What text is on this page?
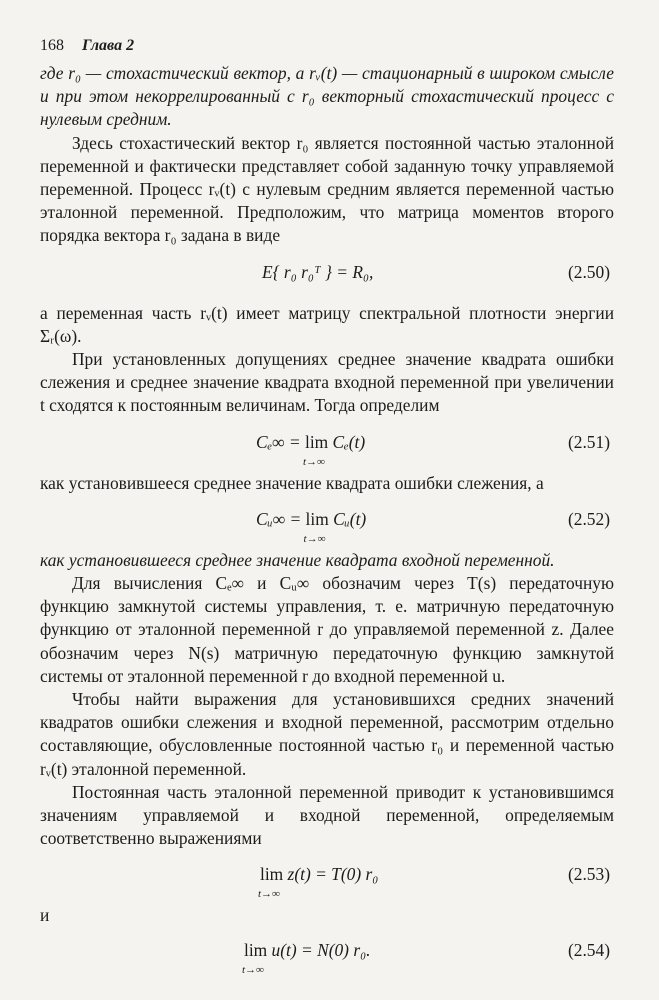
168 Глава 2

где r₀ — стохастический вектор, а rᵥ(t) — стационарный в широком смысле и при этом некоррелированный с r₀ векторный стохастический процесс с нулевым средним.

Здесь стохастический вектор r₀ является постоянной частью эталонной переменной и фактически представляет собой заданную точку управляемой переменной. Процесс rᵥ(t) с нулевым средним является переменной частью эталонной переменной. Предположим, что матрица моментов второго порядка вектора r₀ задана в виде

E{ r₀ r₀ᵀ } = R₀,	(2.50)

а переменная часть rᵥ(t) имеет матрицу спектральной плотности энергии Σᵣ(ω).

При установленных допущениях среднее значение квадрата ошибки слежения и среднее значение квадрата входной переменной при увеличении t сходятся к постоянным величинам. Тогда определим

Cₑ∞ = lim
t→∞
Cₑ(t)	(2.51)

как установившееся среднее значение квадрата ошибки слежения, а

Cᵤ∞ = lim
t→∞
Cᵤ(t)	(2.52)

как установившееся среднее значение квадрата входной переменной.

Для вычисления Cₑ∞ и Cᵤ∞ обозначим через T(s) передаточную функцию замкнутой системы управления, т. е. матричную передаточную функцию от эталонной переменной r до управляемой переменной z. Далее обозначим через N(s) матричную передаточную функцию замкнутой системы от эталонной переменной r до входной переменной u.

Чтобы найти выражения для установившихся средних значений квадратов ошибки слежения и входной переменной, рассмотрим отдельно составляющие, обусловленные постоянной частью r₀ и переменной частью rᵥ(t) эталонной переменной.

Постоянная часть эталонной переменной приводит к установившимся значениям управляемой и входной переменной, определяемым соответственно выражениями

lim
t→∞
z(t) = T(0) r₀	(2.53)

и

lim
t→∞
u(t) = N(0) r₀.	(2.54)
